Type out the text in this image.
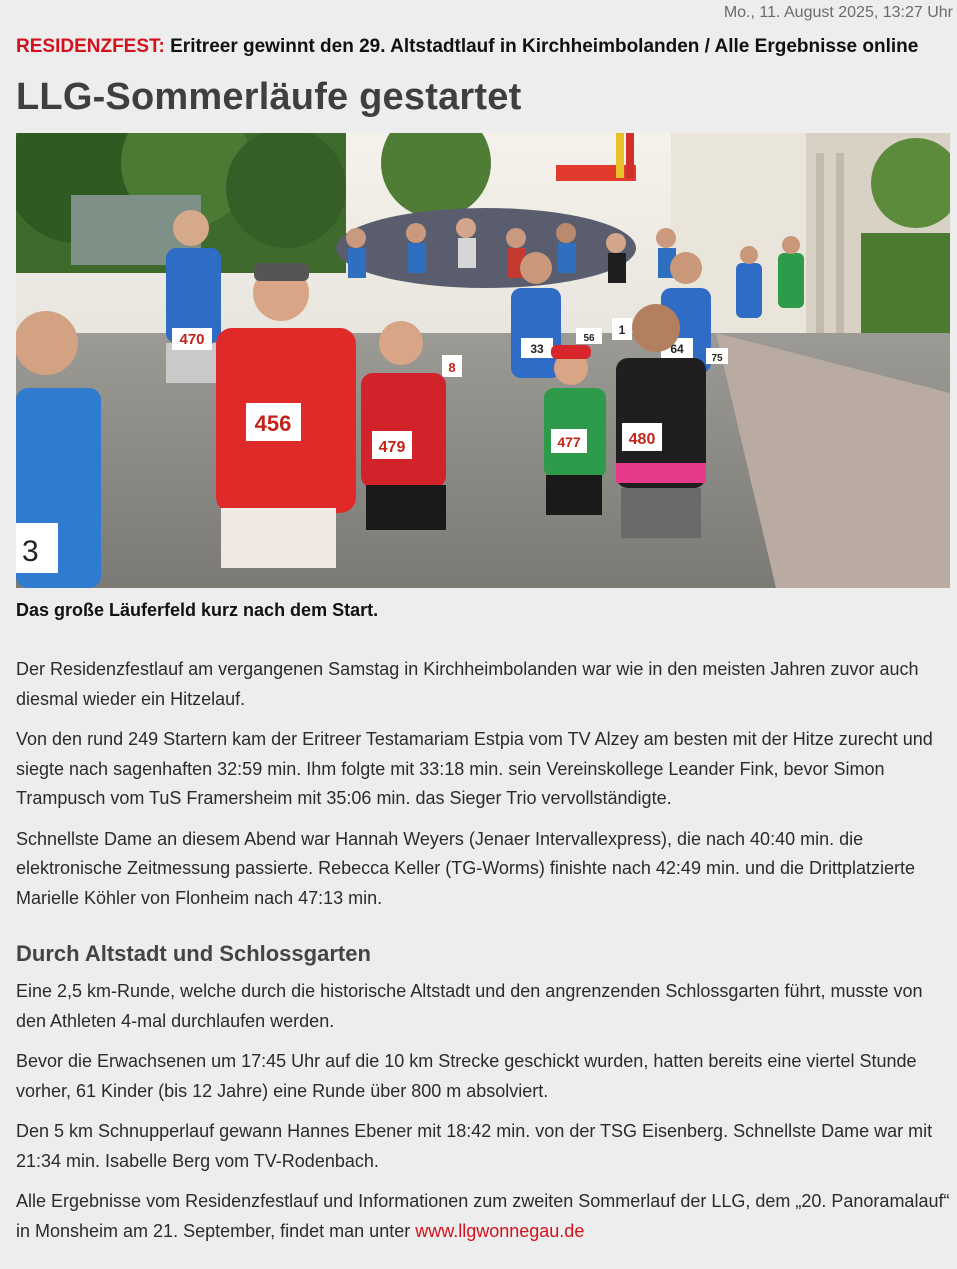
Mo., 11. August 2025, 13:27 Uhr
RESIDENZFEST: Eritreer gewinnt den 29. Altstadtlauf in Kirchheimbolanden / Alle Ergebnisse online
LLG-Sommerläufe gestartet
470
33	64
56
75
8
1
3
456
479	477	480
Das große Läuferfeld kurz nach dem Start.

Der Residenzfestlauf am vergangenen Samstag in Kirchheimbolanden war wie in den meisten Jahren zuvor auch diesmal wieder ein Hitzelauf.

Von den rund 249 Startern kam der Eritreer Testamariam Estpia vom TV Alzey am besten mit der Hitze zurecht und siegte nach sagenhaften 32:59 min. Ihm folgte mit 33:18 min. sein Vereinskollege Leander Fink, bevor Simon Trampusch vom TuS Framersheim mit 35:06 min. das Sieger Trio vervollständigte.

Schnellste Dame an diesem Abend war Hannah Weyers (Jenaer Intervallexpress), die nach 40:40 min. die elektronische Zeitmessung passierte. Rebecca Keller (TG-Worms) finishte nach 42:49 min. und die Drittplatzierte Marielle Köhler von Flonheim nach 47:13 min.

Durch Altstadt und Schlossgarten

Eine 2,5 km-Runde, welche durch die historische Altstadt und den angrenzenden Schlossgarten führt, musste von den Athleten 4-mal durchlaufen werden.

Bevor die Erwachsenen um 17:45 Uhr auf die 10 km Strecke geschickt wurden, hatten bereits eine viertel Stunde vorher, 61 Kinder (bis 12 Jahre) eine Runde über 800 m absolviert.

Den 5 km Schnupperlauf gewann Hannes Ebener mit 18:42 min. von der TSG Eisenberg. Schnellste Dame war mit 21:34 min. Isabelle Berg vom TV-Rodenbach.

Alle Ergebnisse vom Residenzfestlauf und Informationen zum zweiten Sommerlauf der LLG, dem „20. Panoramalauf“ in Monsheim am 21. September, findet man unter www.llgwonnegau.de
